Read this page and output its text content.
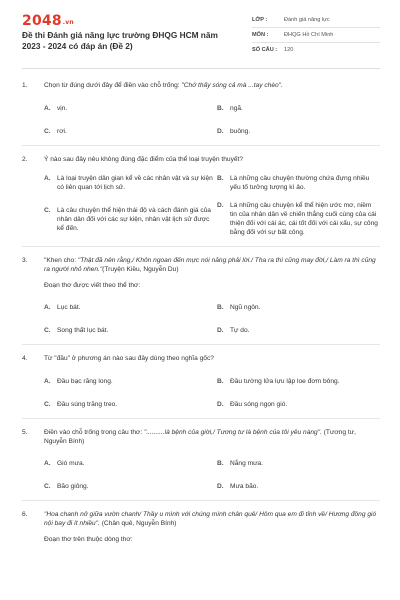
2048.vn
Đề thi Đánh giá năng lực trường ĐHQG HCM năm 2023 - 2024 có đáp án (Đề 2)
LỚP :	Đánh giá năng lực
MÔN :	ĐHQG Hồ Chí Minh
SỐ CÂU :	120
1.	Chọn từ đúng dưới đây để điền vào chỗ trống: "Chớ thấy sóng cả mà ...tay chèo".
A. vịn.	B. ngã.
C. rơi.	D. buông.
2.	Ý nào sau đây nêu không đúng đặc điểm của thể loại truyện thuyết?
A. Là loại truyện dân gian kể về các nhân vật và sự kiện có liên quan tới lịch sử.
B. Là những câu chuyện thường chứa đựng nhiều yếu tố tưởng tượng kì ảo.
C. Là câu chuyện thể hiện thái độ và cách đánh giá của nhân dân đối với các sự kiện, nhân vật lịch sử được kể đến.
D. Là những câu chuyện kể thể hiện ước mơ, niềm tin của nhân dân về chiến thắng cuối cùng của cái thiện đối với cái ác, cái tốt đối với cái xấu, sự công bằng đối với sự bất công.
3.	"Khen cho: "Thật đã nên rằng,/ Khôn ngoan đến mực nói năng phải lời./ Tha ra thì cũng may đời,/ Làm ra thì cũng ra người nhỏ nhen."(Truyện Kiều, Nguyễn Du)
Đoạn thơ được viết theo thể thơ:
A. Lục bát.	B. Ngũ ngôn.
C. Song thất lục bát.	D. Tự do.
4.	Từ "đầu" ở phương án nào sau đây dùng theo nghĩa gốc?
A. Đầu bạc răng long.	B. Đầu tường lửa lựu lập loe đơm bông.
C. Đầu súng trăng treo.	D. Đầu sóng ngọn gió.
5.	Điền vào chỗ trống trong câu thơ: "..........là bệnh của giời,/ Tương tư là bệnh của tôi yêu nàng". (Tương tư, Nguyễn Bính)
A. Gió mưa.	B. Nắng mưa.
C. Bão giông.	D. Mưa bão.
6.	"Hoa chanh nở giữa vườn chanh/ Thầy u mình với chúng mình chân quê/ Hôm qua em đi tỉnh về/ Hương đồng gió nội bay đi ít nhiều". (Chân quê, Nguyễn Bính)
Đoạn thơ trên thuộc dòng thơ:
